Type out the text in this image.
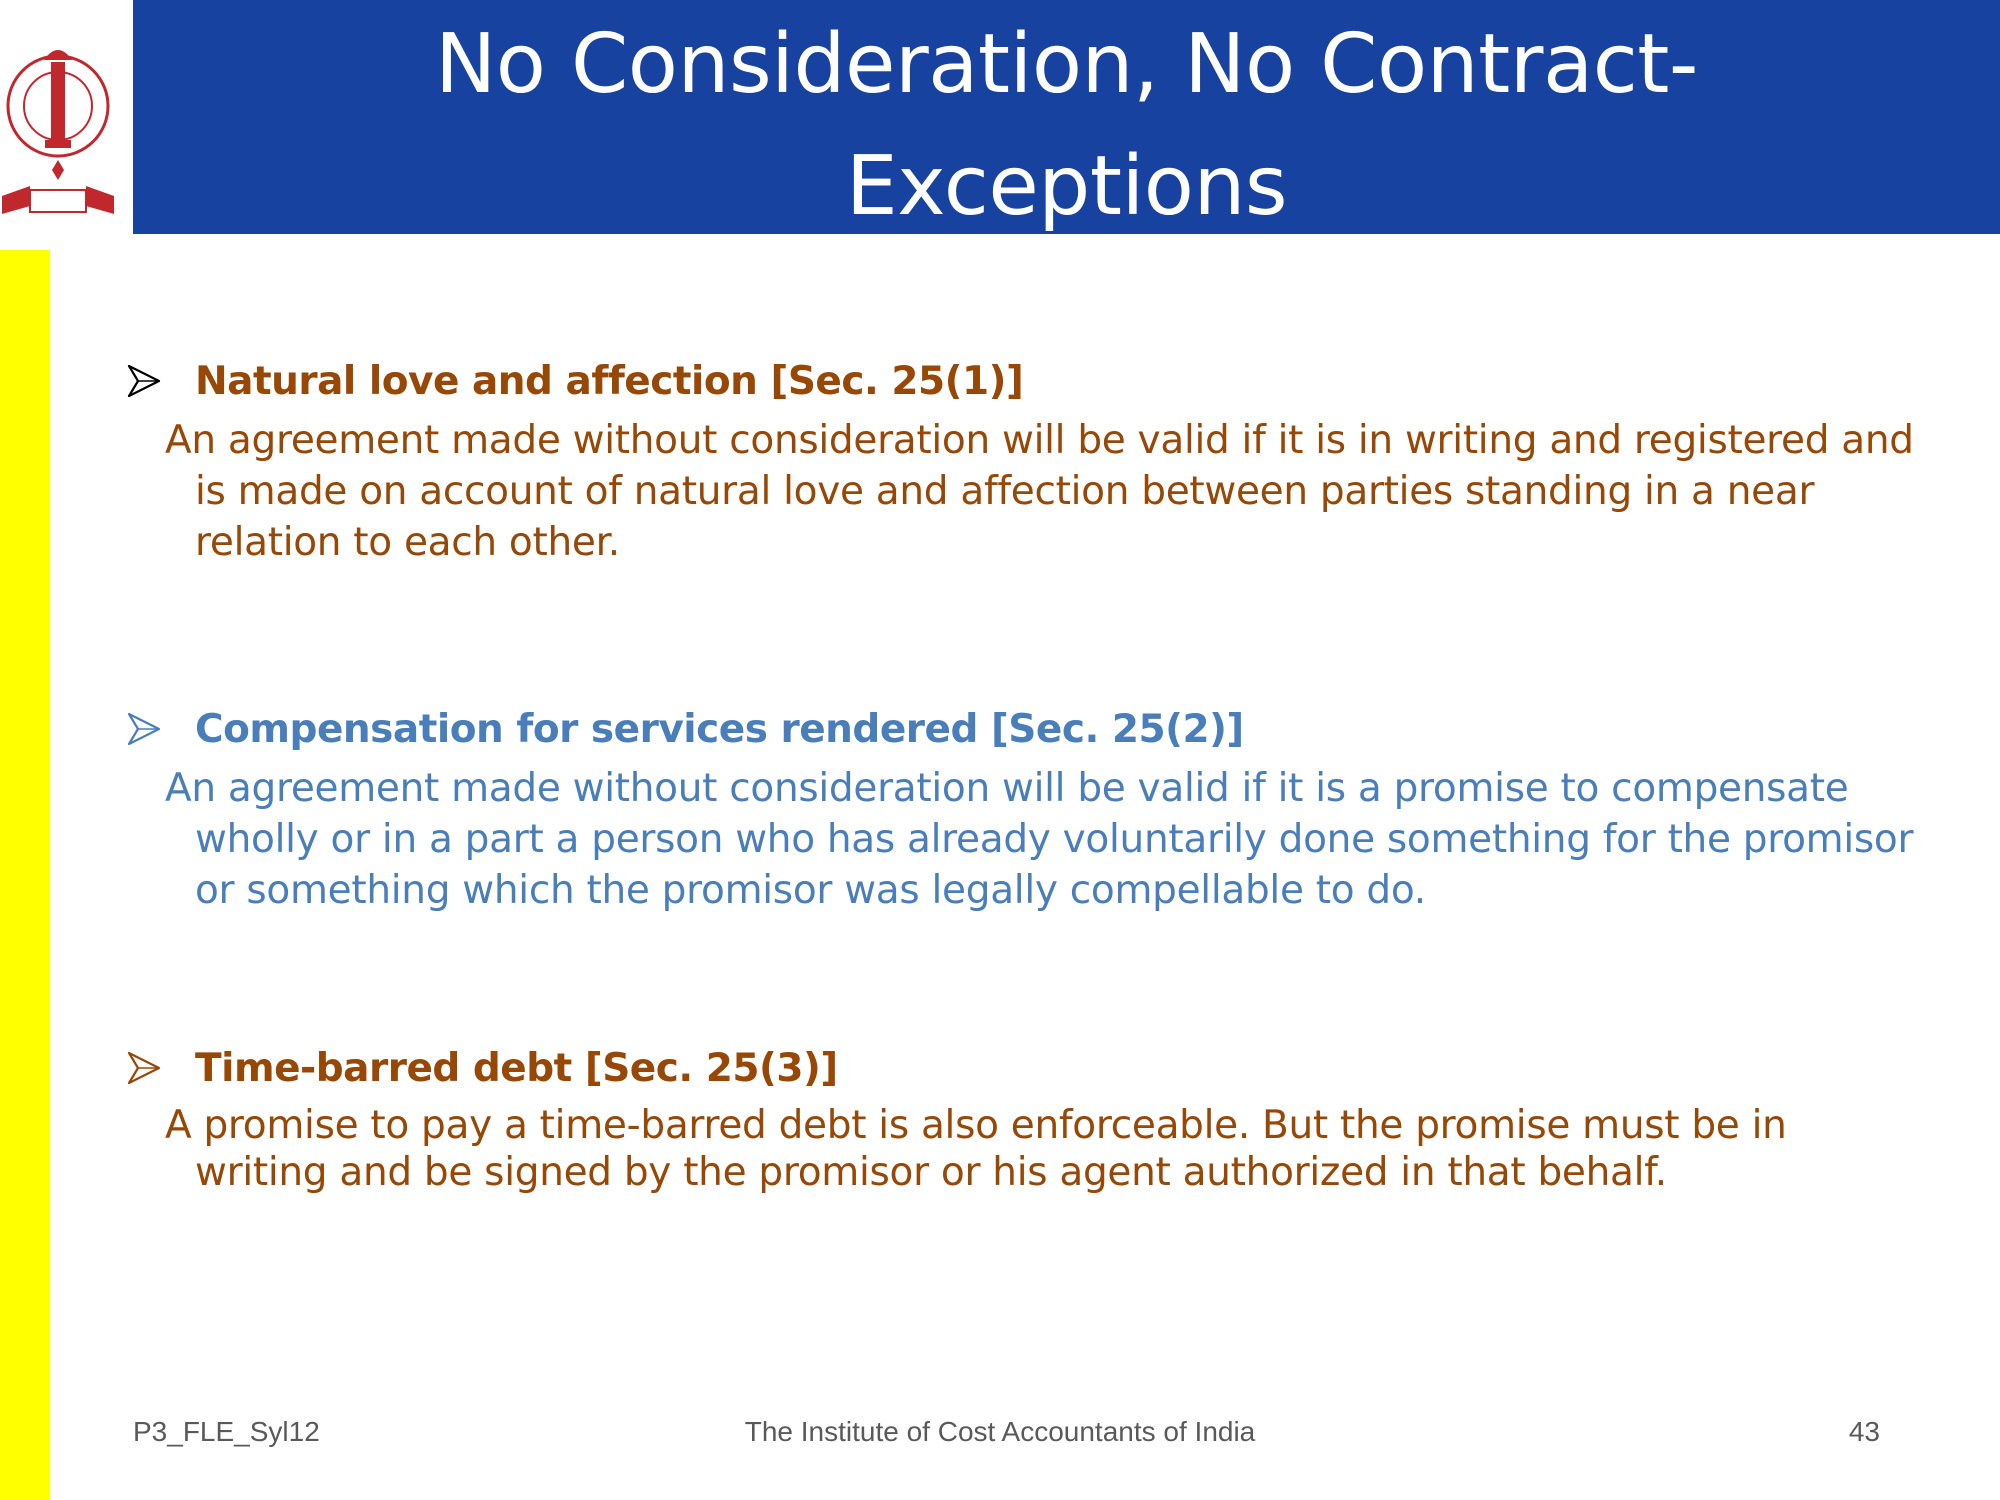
No Consideration, No Contract-
Exceptions
Natural love and affection [Sec. 25(1)]

An agreement made without consideration will be valid if it is in writing and registered and is made on account of natural love and affection between parties standing in a near relation to each other.

Compensation for services rendered [Sec. 25(2)]

An agreement made without consideration will be valid if it is a promise to compensate wholly or in a part a person who has already voluntarily done something for the promisor or something which the promisor was legally compellable to do.

Time-barred debt [Sec. 25(3)]

A promise to pay a time-barred debt is also enforceable. But the promise must be in writing and be signed by the promisor or his agent authorized in that behalf.

P3_FLE_Syl12	The Institute of Cost Accountants of India	43
